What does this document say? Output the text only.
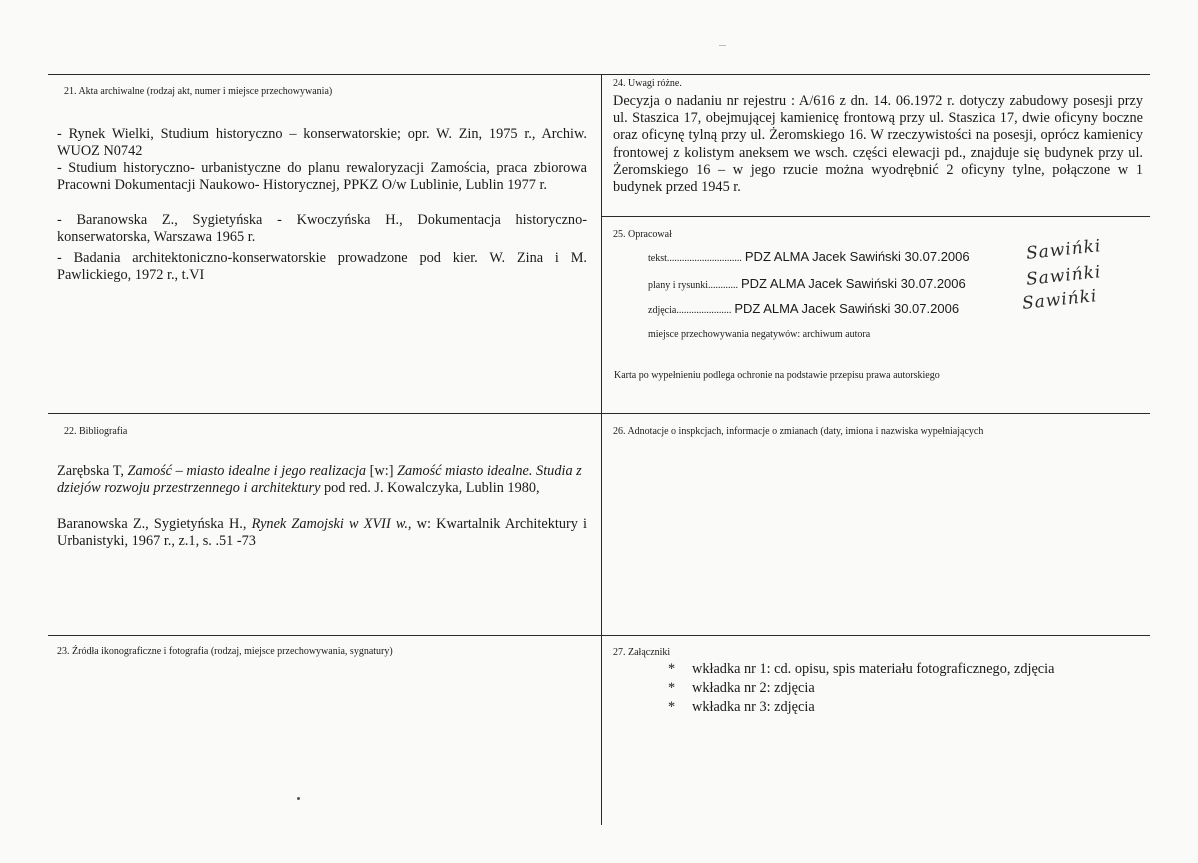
21. Akta archiwalne (rodzaj akt, numer i miejsce przechowywania)

- Rynek Wielki, Studium historyczno – konserwatorskie; opr. W. Zin, 1975 r., Archiw. WUOZ N0742

- Studium historyczno- urbanistyczne do planu rewaloryzacji Zamościa, praca zbiorowa Pracowni Dokumentacji Naukowo- Historycznej, PPKZ O/w Lublinie, Lublin 1977 r.

- Baranowska Z., Sygietyńska - Kwoczyńska H., Dokumentacja historyczno-konserwatorska, Warszawa 1965 r.

- Badania architektoniczno-konserwatorskie prowadzone pod kier. W. Zina i M. Pawlickiego, 1972 r., t.VI

22. Bibliografia

Zarębska T, Zamość – miasto idealne i jego realizacja [w:] Zamość miasto idealne. Studia z dziejów rozwoju przestrzennego i architektury pod red. J. Kowalczyka, Lublin 1980,

Baranowska Z., Sygietyńska H., Rynek Zamojski w XVII w., w: Kwartalnik Architektury i Urbanistyki, 1967 r., z.1, s. .51 -73

23. Źródła ikonograficzne i fotografia (rodzaj, miejsce przechowywania, sygnatury)
24. Uwagi różne.

Decyzja o nadaniu nr rejestru : A/616 z dn. 14. 06.1972 r. dotyczy zabudowy posesji przy ul. Staszica 17, obejmującej kamienicę frontową przy ul. Staszica 17, dwie oficyny boczne oraz oficynę tylną przy ul. Żeromskiego 16. W rzeczywistości na posesji, oprócz kamienicy frontowej z kolistym aneksem we wsch. części elewacji pd., znajduje się budynek przy ul. Żeromskiego 16 – w jego rzucie można wyodrębnić 2 oficyny tylne, połączone w 1 budynek przed 1945 r.

25. Opracował
tekst.............................. PDZ ALMA Jacek Sawiński 30.07.2006	Sawińki
plany i rysunki............ PDZ ALMA Jacek Sawiński 30.07.2006	Sawińki
zdjęcia...................... PDZ ALMA Jacek Sawiński 30.07.2006	Sawińki
miejsce przechowywania negatywów: archiwum autora
Karta po wypełnieniu podlega ochronie na podstawie przepisu prawa autorskiego
26. Adnotacje o inspkcjach, informacje o zmianach (daty, imiona i nazwiska wypełniających
27. Załączniki
* wkładka nr 1: cd. opisu, spis materiału fotograficznego, zdjęcia
* wkładka nr 2: zdjęcia
* wkładka nr 3: zdjęcia
